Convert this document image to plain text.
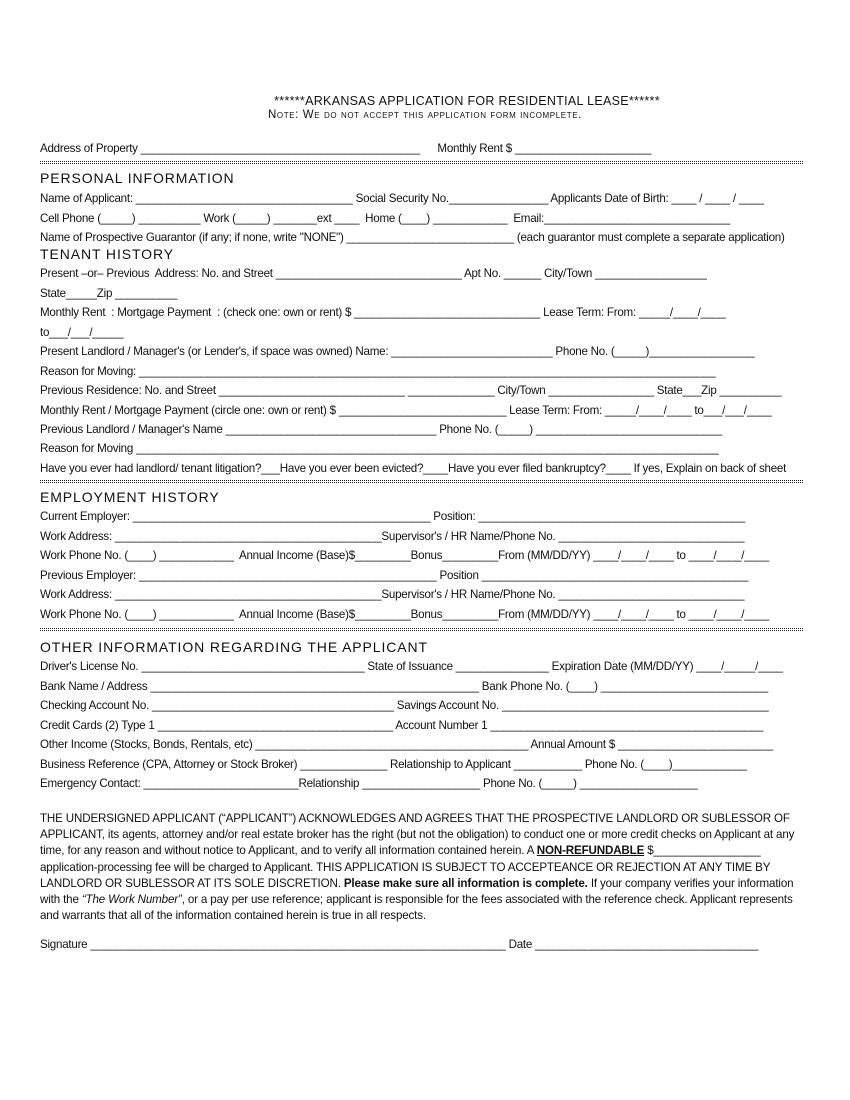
******ARKANSAS APPLICATION FOR RESIDENTIAL LEASE******
Note: We do not accept this application form incomplete.
Address of Property _____________________________________________      Monthly Rent $ ______________________
PERSONAL INFORMATION
Name of Applicant: ___________________________________ Social Security No.________________ Applicants Date of Birth: ____ / ____ / ____
Cell Phone (_____) __________ Work (_____) _______ext ____  Home (____) ____________  Email:______________________________
Name of Prospective Guarantor (if any; if none, write "NONE") ___________________________ (each guarantor must complete a separate application)
TENANT HISTORY
Present –or– Previous  Address: No. and Street ______________________________ Apt No. ______ City/Town __________________
State_____Zip __________
Monthly Rent  : Mortgage Payment  : (check one: own or rent) $ ______________________________ Lease Term: From: _____/____/____
to___/___/_____
Present Landlord / Manager's (or Lender's, if space was owned) Name: __________________________ Phone No. (_____)_________________
Reason for Moving: _____________________________________________________________________________________________
Previous Residence: No. and Street ______________________________ ______________ City/Town _________________ State___Zip __________
Monthly Rent / Mortgage Payment (circle one: own or rent) $ ___________________________ Lease Term: From: _____/____/____ to___/___/____
Previous Landlord / Manager's Name __________________________________ Phone No. (_____) ______________________________
Reason for Moving ______________________________________________________________________________________________
Have you ever had landlord/ tenant litigation?___Have you ever been evicted?____Have you ever filed bankruptcy?____ If yes, Explain on back of sheet
EMPLOYMENT HISTORY
Current Employer: ________________________________________________ Position: ___________________________________________
Work Address: ___________________________________________Supervisor's / HR Name/Phone No. ______________________________
Work Phone No. (____) ____________  Annual Income (Base)$_________Bonus_________From (MM/DD/YY) ____/____/____ to ____/____/____
Previous Employer: ________________________________________________ Position ___________________________________________
Work Address: ___________________________________________Supervisor's / HR Name/Phone No. ______________________________
Work Phone No. (____) ____________  Annual Income (Base)$_________Bonus_________From (MM/DD/YY) ____/____/____ to ____/____/____
OTHER INFORMATION REGARDING THE APPLICANT
Driver's License No. ____________________________________ State of Issuance _______________ Expiration Date (MM/DD/YY) ____/_____/____
Bank Name / Address _____________________________________________________ Bank Phone No. (____) ___________________________
Checking Account No. _______________________________________ Savings Account No. ___________________________________________
Credit Cards (2) Type 1 ______________________________________ Account Number 1 ____________________________________________
Other Income (Stocks, Bonds, Rentals, etc) ____________________________________________ Annual Amount $ _________________________
Business Reference (CPA, Attorney or Stock Broker) ______________ Relationship to Applicant ___________ Phone No. (____)____________
Emergency Contact: _________________________Relationship ___________________ Phone No. (_____) ___________________

THE UNDERSIGNED APPLICANT (“APPLICANT”) ACKNOWLEDGES AND AGREES THAT THE PROSPECTIVE LANDLORD OR SUBLESSOR OF APPLICANT, its agents, attorney and/or real estate broker has the right (but not the obligation) to conduct one or more credit checks on Applicant at any time, for any reason and without notice to Applicant, and to verify all information contained herein. A NON-REFUNDABLE $_________________ application-processing fee will be charged to Applicant. THIS APPLICATION IS SUBJECT TO ACCEPTEANCE OR REJECTION AT ANY TIME BY LANDLORD OR SUBLESSOR AT ITS SOLE DISCRETION. Please make sure all information is complete. If your company verifies your information with the “The Work Number”, or a pay per use reference; applicant is responsible for the fees associated with the reference check. Applicant represents and warrants that all of the information contained herein is true in all respects.

Signature ___________________________________________________________________ Date ____________________________________
